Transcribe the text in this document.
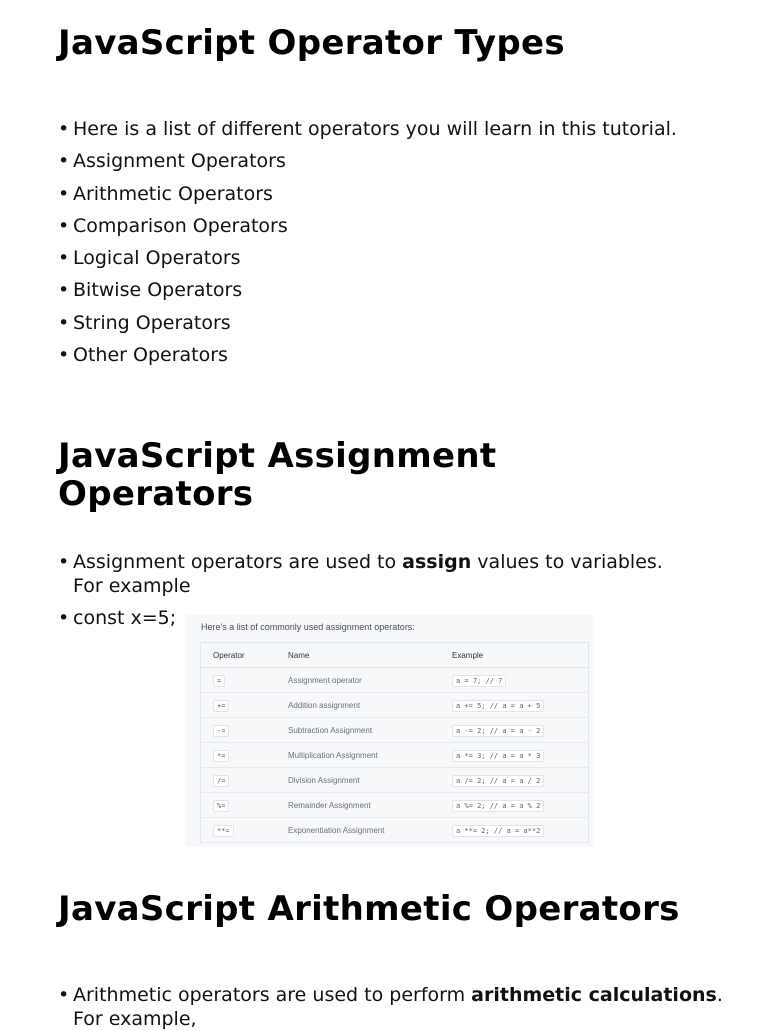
JavaScript Operator Types
• Here is a list of different operators you will learn in this tutorial.
• Assignment Operators
• Arithmetic Operators
• Comparison Operators
• Logical Operators
• Bitwise Operators
• String Operators
• Other Operators
JavaScript Assignment Operators
• Assignment operators are used to assign values to variables. For example
• const x=5;	Here's a list of commonly used assignment operators:
Operator	Name	Example
=	Assignment operator	a = 7; // 7
+=	Addition assignment	a += 5; // a = a + 5
-=	Subtraction Assignment	a -= 2; // a = a - 2
*=	Multiplication Assignment	a *= 3; // a = a * 3
/=	Division Assignment	a /= 2; // a = a / 2
%=	Remainder Assignment	a %= 2; // a = a % 2
**=	Exponentiation Assignment	a **= 2; // a = a**2
JavaScript Arithmetic Operators
• Arithmetic operators are used to perform arithmetic calculations. For example,
